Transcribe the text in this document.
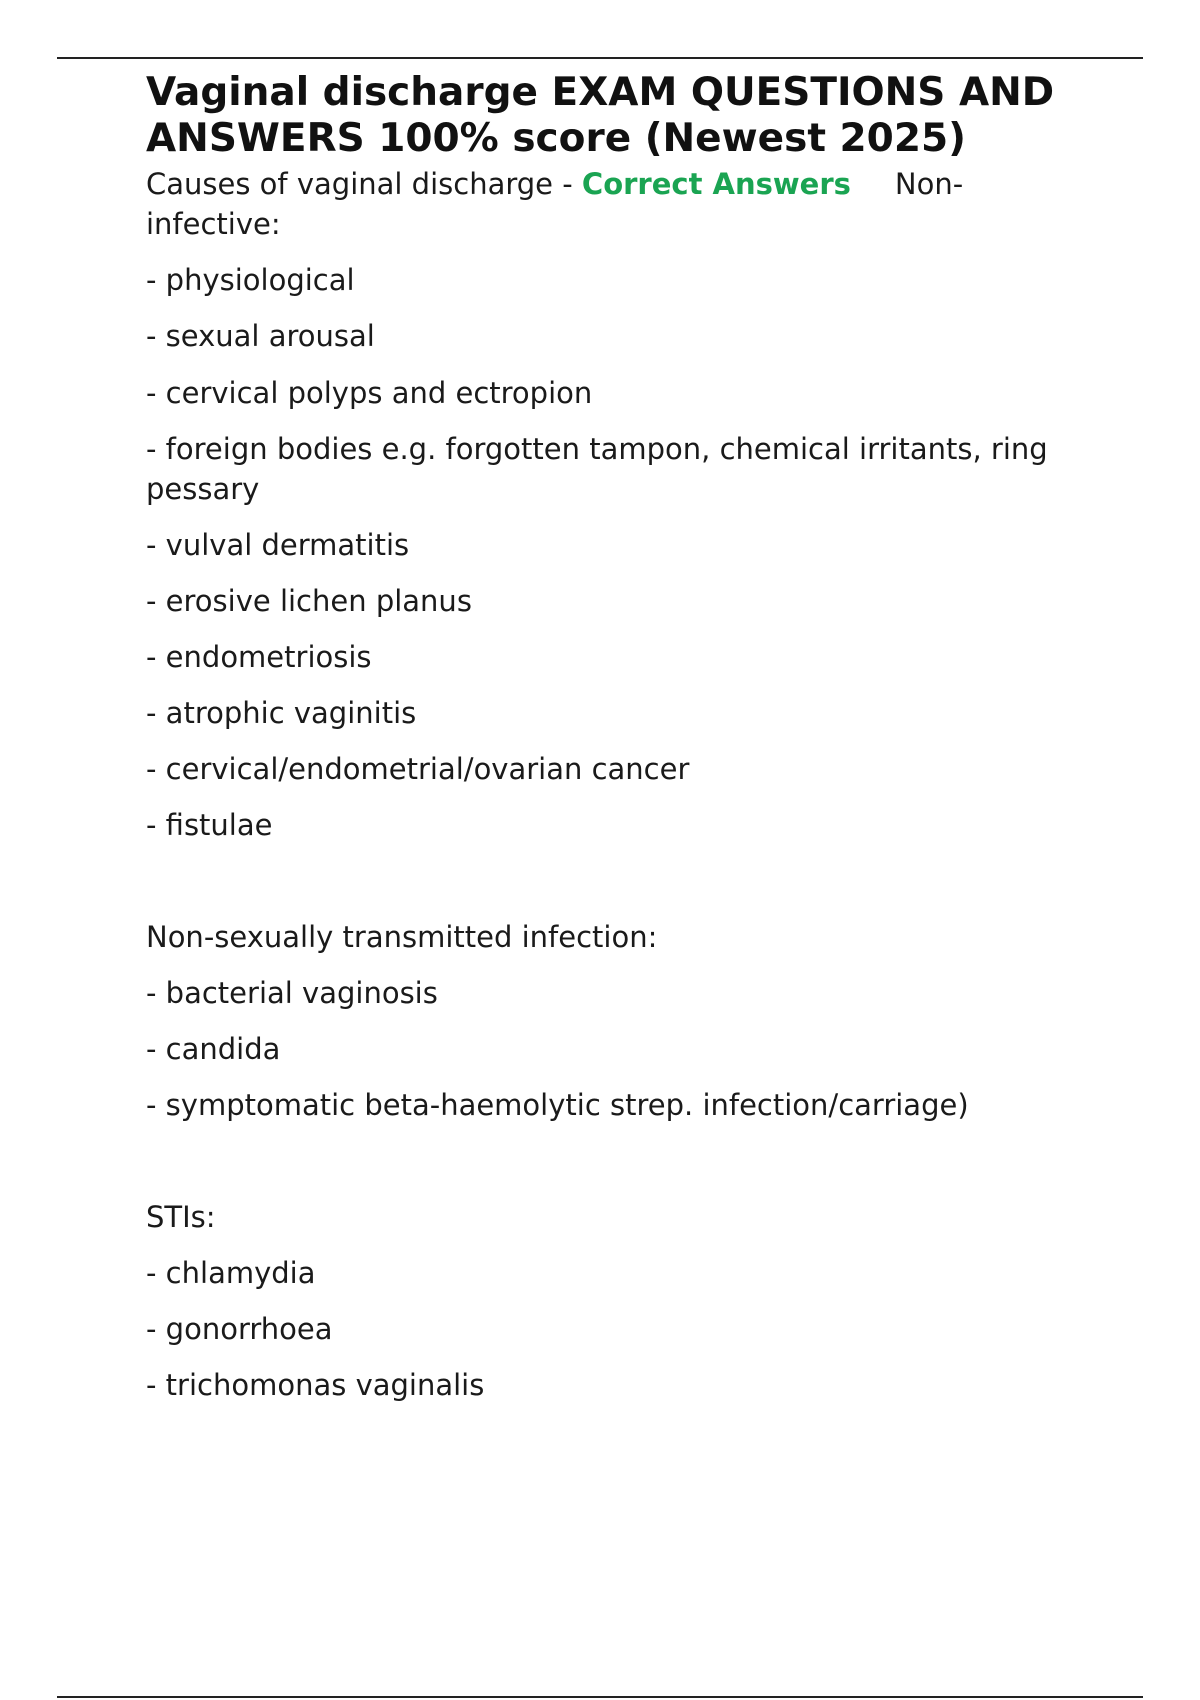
Vaginal discharge EXAM QUESTIONS AND ANSWERS 100% score (Newest 2025)

Causes of vaginal discharge - Correct Answers Non-infective:

- physiological

- sexual arousal

- cervical polyps and ectropion

- foreign bodies e.g. forgotten tampon, chemical irritants, ring pessary

- vulval dermatitis

- erosive lichen planus

- endometriosis

- atrophic vaginitis

- cervical/endometrial/ovarian cancer

- fistulae

Non-sexually transmitted infection:

- bacterial vaginosis

- candida

- symptomatic beta-haemolytic strep. infection/carriage)

STIs:

- chlamydia

- gonorrhoea

- trichomonas vaginalis
